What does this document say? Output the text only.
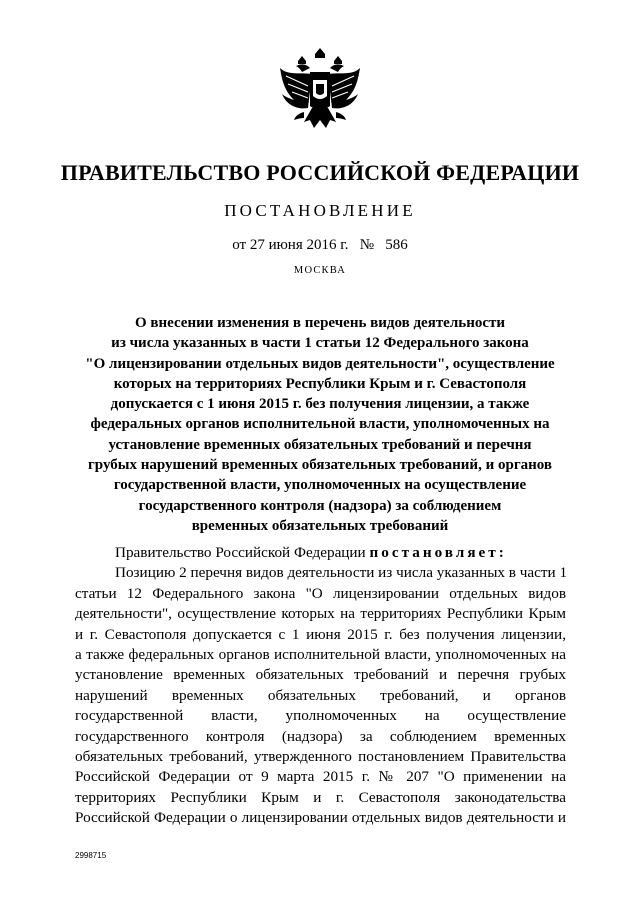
ПРАВИТЕЛЬСТВО РОССИЙСКОЙ ФЕДЕРАЦИИ
ПОСТАНОВЛЕНИЕ
от 27 июня 2016 г. № 586
МОСКВА
О внесении изменения в перечень видов деятельности
из числа указанных в части 1 статьи 12 Федерального закона
"О лицензировании отдельных видов деятельности", осуществление
которых на территориях Республики Крым и г. Севастополя
допускается с 1 июня 2015 г. без получения лицензии, а также
федеральных органов исполнительной власти, уполномоченных на
установление временных обязательных требований и перечня
грубых нарушений временных обязательных требований, и органов
государственной власти, уполномоченных на осуществление
государственного контроля (надзора) за соблюдением
временных обязательных требований
Правительство Российской Федерации постановляет:
Позицию 2 перечня видов деятельности из числа указанных в части 1
статьи 12 Федерального закона "О лицензировании отдельных видов
деятельности", осуществление которых на территориях Республики Крым
и г. Севастополя допускается с 1 июня 2015 г. без получения лицензии,
а также федеральных органов исполнительной власти, уполномоченных на
установление временных обязательных требований и перечня грубых
нарушений временных обязательных требований, и органов
государственной власти, уполномоченных на осуществление
государственного контроля (надзора) за соблюдением временных
обязательных требований, утвержденного постановлением Правительства
Российской Федерации от 9 марта 2015 г. № 207 "О применении на
территориях Республики Крым и г. Севастополя законодательства
Российской Федерации о лицензировании отдельных видов деятельности и
2998715
